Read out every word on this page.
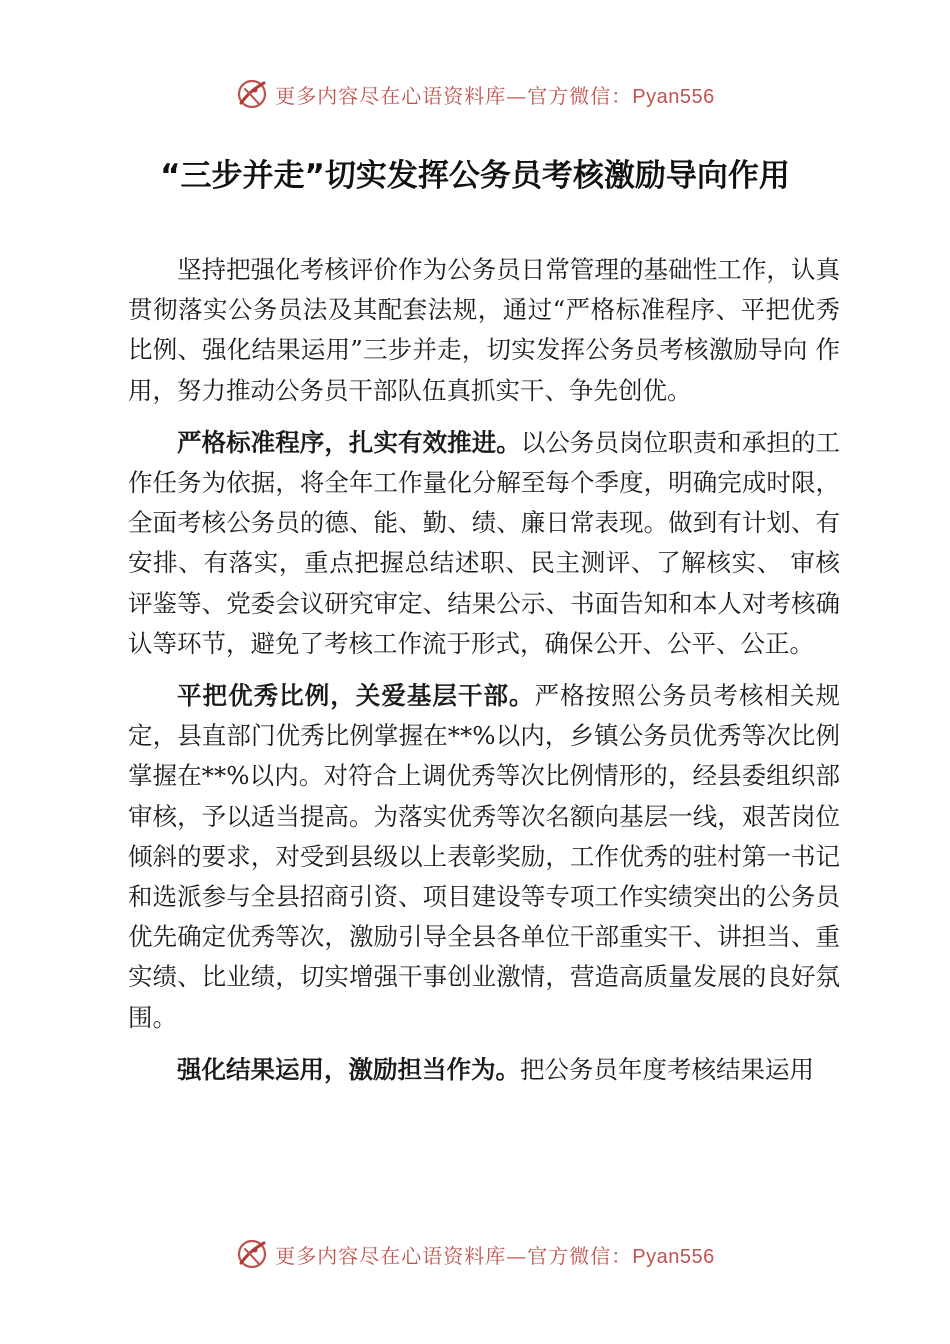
更多内容尽在心语资料库—官方微信：Pyan556
“三步并走”切实发挥公务员考核激励导向作用

坚持把强化考核评价作为公务员日常管理的基础性工作，认真贯彻落实公务员法及其配套法规，通过“严格标准程序、平把优秀比例、强化结果运用”三步并走，切实发挥公务员考核激励导向 作用，努力推动公务员干部队伍真抓实干、争先创优。

严格标准程序，扎实有效推进。以公务员岗位职责和承担的工作任务为依据，将全年工作量化分解至每个季度，明确完成时限，全面考核公务员的德、能、勤、绩、廉日常表现。做到有计划、有安排、有落实，重点把握总结述职、民主测评、了解核实、 审核评鉴等、党委会议研究审定、结果公示、书面告知和本人对考核确认等环节，避免了考核工作流于形式，确保公开、公平、公正。

平把优秀比例，关爱基层干部。严格按照公务员考核相关规定，县直部门优秀比例掌握在**%以内，乡镇公务员优秀等次比例掌握在**%以内。对符合上调优秀等次比例情形的，经县委组织部 审核，予以适当提高。为落实优秀等次名额向基层一线，艰苦岗位倾斜的要求，对受到县级以上表彰奖励，工作优秀的驻村第一书记和选派参与全县招商引资、项目建设等专项工作实绩突出的公务员优先确定优秀等次，激励引导全县各单位干部重实干、讲担当、重实绩、比业绩，切实增强干事创业激情，营造高质量发展的良好氛围。

强化结果运用，激励担当作为。把公务员年度考核结果运用

更多内容尽在心语资料库—官方微信：Pyan556
